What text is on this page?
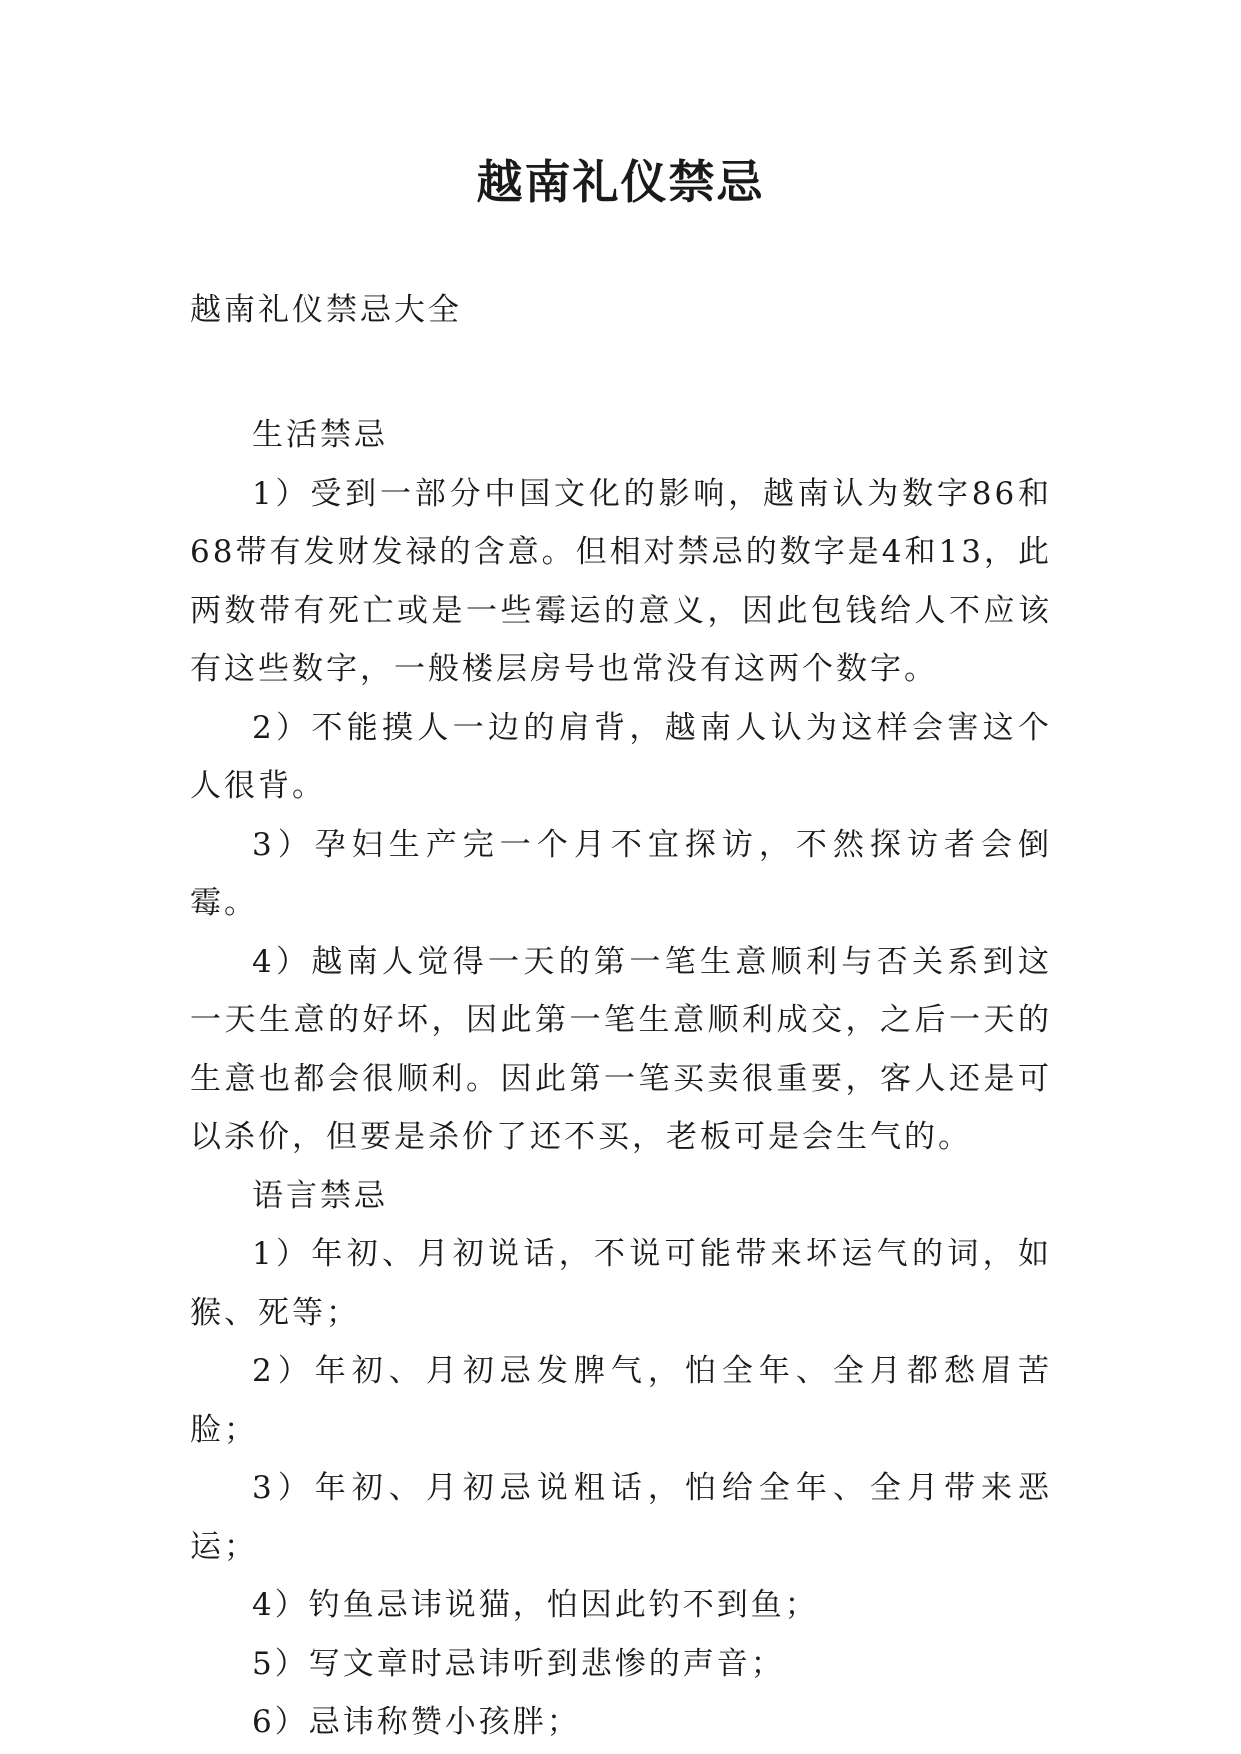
越南礼仪禁忌
越南礼仪禁忌大全

生活禁忌

1）受到一部分中国文化的影响，越南认为数字86和68带有发财发禄的含意。但相对禁忌的数字是4和13，此两数带有死亡或是一些霉运的意义，因此包钱给人不应该有这些数字，一般楼层房号也常没有这两个数字。

2）不能摸人一边的肩背，越南人认为这样会害这个人很背。

3）孕妇生产完一个月不宜探访，不然探访者会倒霉。

4）越南人觉得一天的第一笔生意顺利与否关系到这一天生意的好坏，因此第一笔生意顺利成交，之后一天的生意也都会很顺利。因此第一笔买卖很重要，客人还是可以杀价，但要是杀价了还不买，老板可是会生气的。

语言禁忌

1）年初、月初说话，不说可能带来坏运气的词，如猴、死等；

2）年初、月初忌发脾气，怕全年、全月都愁眉苦脸；

3）年初、月初忌说粗话，怕给全年、全月带来恶运；

4）钓鱼忌讳说猫，怕因此钓不到鱼；

5）写文章时忌讳听到悲惨的声音；

6）忌讳称赞小孩胖；
